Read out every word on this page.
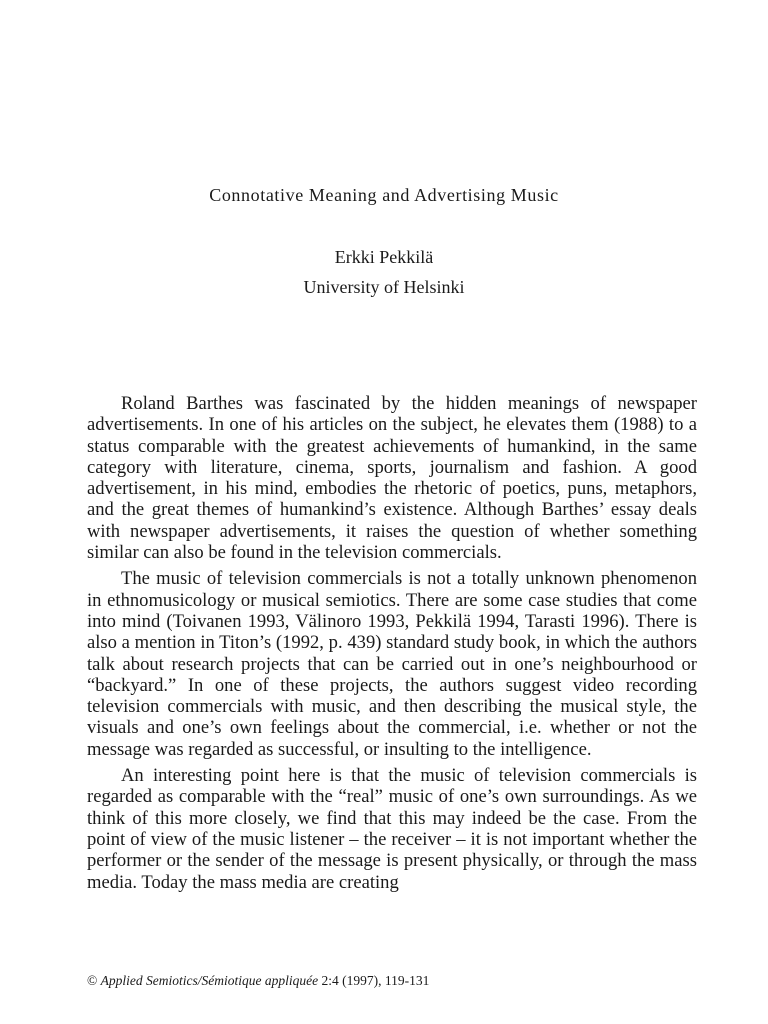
Connotative Meaning and Advertising Music
Erkki Pekkilä
University of Helsinki

Roland Barthes was fascinated by the hidden meanings of newspaper advertisements. In one of his articles on the subject, he elevates them (1988) to a status comparable with the greatest achievements of humankind, in the same category with literature, cinema, sports, journalism and fashion. A good advertisement, in his mind, embodies the rhetoric of poetics, puns, metaphors, and the great themes of humankind’s existence. Although Barthes’ essay deals with newspaper advertisements, it raises the question of whether something similar can also be found in the television commercials.

The music of television commercials is not a totally unknown phenomenon in ethnomusicology or musical semiotics. There are some case studies that come into mind (Toivanen 1993, Välinoro 1993, Pekkilä 1994, Tarasti 1996). There is also a mention in Titon’s (1992, p. 439) standard study book, in which the authors talk about research projects that can be carried out in one’s neighbourhood or “backyard.” In one of these projects, the authors suggest video recording television commercials with music, and then describing the musical style, the visuals and one’s own feelings about the commercial, i.e. whether or not the message was regarded as successful, or insulting to the intelligence.

An interesting point here is that the music of television commercials is regarded as comparable with the “real” music of one’s own surroundings. As we think of this more closely, we find that this may indeed be the case. From the point of view of the music listener – the receiver – it is not important whether the performer or the sender of the message is present physically, or through the mass media. Today the mass media are creating

© Applied Semiotics/Sémiotique appliquée 2:4 (1997), 119-131
